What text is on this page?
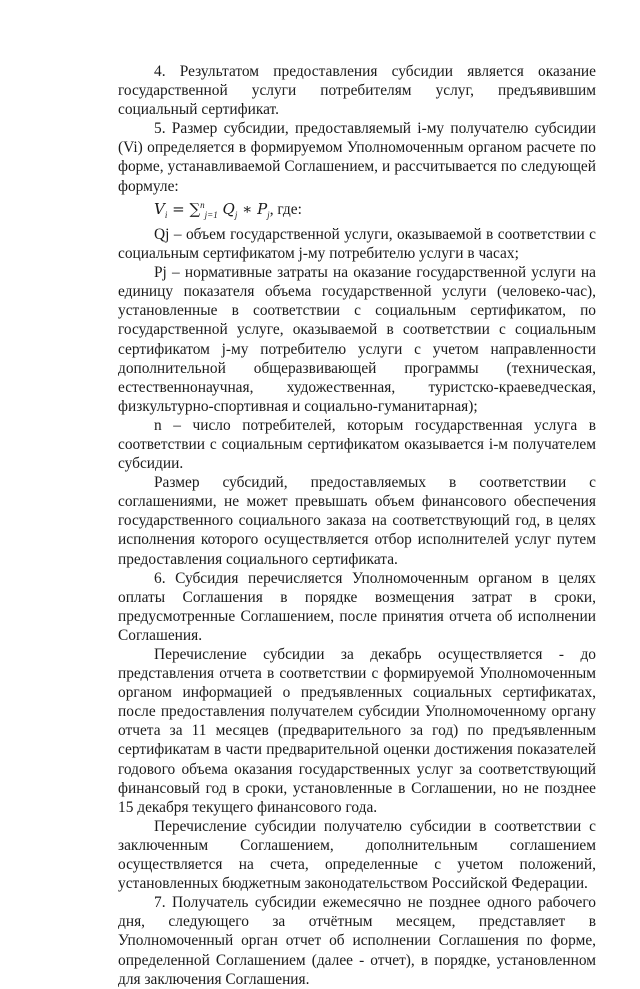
4. Результатом предоставления субсидии является оказание государственной услуги потребителям услуг, предъявившим социальный сертификат.

5. Размер субсидии, предоставляемый i-му получателю субсидии (Vi) определяется в формируемом Уполномоченным органом расчете по форме, устанавливаемой Соглашением, и рассчитывается по следующей формуле:

$V_i = \sum^n_{j=1}$ $Q_j$ ∗ $P_j$, где:

Qj – объем государственной услуги, оказываемой в соответствии с социальным сертификатом j-му потребителю услуги в часах;

Pj – нормативные затраты на оказание государственной услуги на единицу показателя объема государственной услуги (человеко-час), установленные в соответствии с социальным сертификатом, по государственной услуге, оказываемой в соответствии с социальным сертификатом j-му потребителю услуги с учетом направленности дополнительной общеразвивающей программы (техническая, естественнонаучная, художественная, туристско-краеведческая, физкультурно-спортивная и социально-гуманитарная);

n – число потребителей, которым государственная услуга в соответствии с социальным сертификатом оказывается i-м получателем субсидии.

Размер субсидий, предоставляемых в соответствии с соглашениями, не может превышать объем финансового обеспечения государственного социального заказа на соответствующий год, в целях исполнения которого осуществляется отбор исполнителей услуг путем предоставления социального сертификата.

6. Субсидия перечисляется Уполномоченным органом в целях оплаты Соглашения в порядке возмещения затрат в сроки, предусмотренные Соглашением, после принятия отчета об исполнении Соглашения.

Перечисление субсидии за декабрь осуществляется - до представления отчета в соответствии с формируемой Уполномоченным органом информацией о предъявленных социальных сертификатах, после предоставления получателем субсидии Уполномоченному органу отчета за 11 месяцев (предварительного за год) по предъявленным сертификатам в части предварительной оценки достижения показателей годового объема оказания государственных услуг за соответствующий финансовый год в сроки, установленные в Соглашении, но не позднее 15 декабря текущего финансового года.

Перечисление субсидии получателю субсидии в соответствии с заключенным Соглашением, дополнительным соглашением осуществляется на счета, определенные с учетом положений, установленных бюджетным законодательством Российской Федерации.

7. Получатель субсидии ежемесячно не позднее одного рабочего дня, следующего за отчётным месяцем, представляет в Уполномоченный орган отчет об исполнении Соглашения по форме, определенной Соглашением (далее - отчет), в порядке, установленном для заключения Соглашения.
